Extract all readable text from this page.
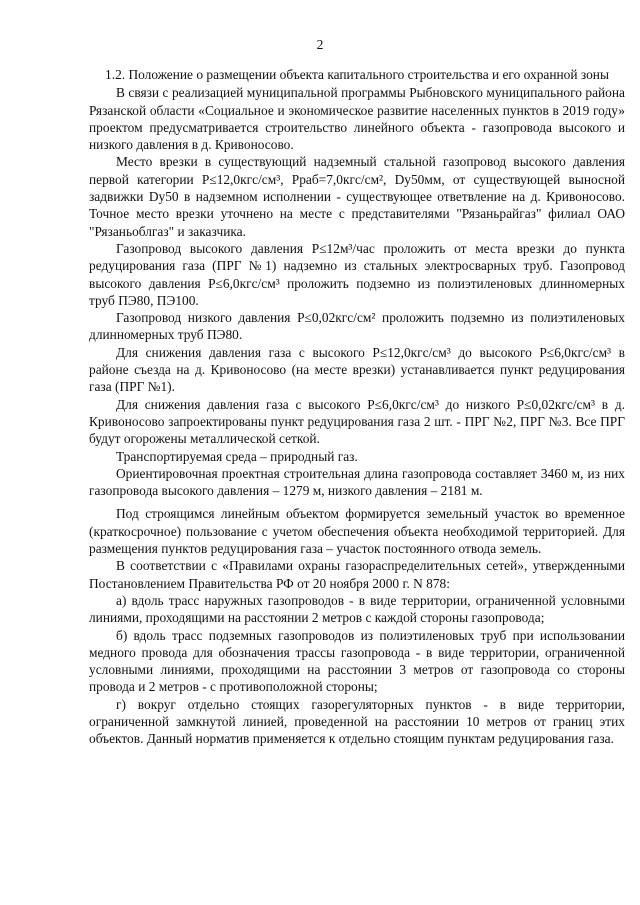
2
1.2. Положение о размещении объекта капитального строительства и его охранной зоны

В связи с реализацией муниципальной программы Рыбновского муниципального района Рязанской области «Социальное и экономическое развитие населенных пунктов в 2019 году» проектом предусматривается строительство линейного объекта - газопровода высокого и низкого давления в д. Кривоносово.

Место врезки в существующий надземный стальной газопровод высокого давления первой категории Р≤12,0кгс/см³, Рраб=7,0кгс/см², Dy50мм, от существующей выносной задвижки Dy50 в надземном исполнении - существующее ответвление на д. Кривоносово. Точное место врезки уточнено на месте с представителями "Рязаньрайгаз" филиал ОАО "Рязаньоблгаз" и заказчика.

Газопровод высокого давления Р≤12м³/час проложить от места врезки до пункта редуцирования газа (ПРГ №1) надземно из стальных электросварных труб. Газопровод высокого давления Р≤6,0кгс/см³ проложить подземно из полиэтиленовых длинномерных труб ПЭ80, ПЭ100.

Газопровод низкого давления Р≤0,02кгс/см² проложить подземно из полиэтиленовых длинномерных труб ПЭ80.

Для снижения давления газа с высокого Р≤12,0кгс/см³ до высокого Р≤6,0кгс/см³ в районе съезда на д. Кривоносово (на месте врезки) устанавливается пункт редуцирования газа (ПРГ №1).

Для снижения давления газа с высокого Р≤6,0кгс/см³ до низкого Р≤0,02кгс/см³ в д. Кривоносово запроектированы пункт редуцирования газа 2 шт. - ПРГ №2, ПРГ №3. Все ПРГ будут огорожены металлической сеткой.

Транспортируемая среда – природный газ.

Ориентировочная проектная строительная длина газопровода составляет 3460 м, из них газопровода высокого давления – 1279 м, низкого давления – 2181 м.

Под строящимся линейным объектом формируется земельный участок во временное (краткосрочное) пользование с учетом обеспечения объекта необходимой территорией. Для размещения пунктов редуцирования газа – участок постоянного отвода земель.

В соответствии с «Правилами охраны газораспределительных сетей», утвержденными Постановлением Правительства РФ от 20 ноября 2000 г. N 878:

а) вдоль трасс наружных газопроводов - в виде территории, ограниченной условными линиями, проходящими на расстоянии 2 метров с каждой стороны газопровода;

б) вдоль трасс подземных газопроводов из полиэтиленовых труб при использовании медного провода для обозначения трассы газопровода - в виде территории, ограниченной условными линиями, проходящими на расстоянии 3 метров от газопровода со стороны провода и 2 метров - с противоположной стороны;

г) вокруг отдельно стоящих газорегуляторных пунктов - в виде территории, ограниченной замкнутой линией, проведенной на расстоянии 10 метров от границ этих объектов. Данный норматив применяется к отдельно стоящим пунктам редуцирования газа.
